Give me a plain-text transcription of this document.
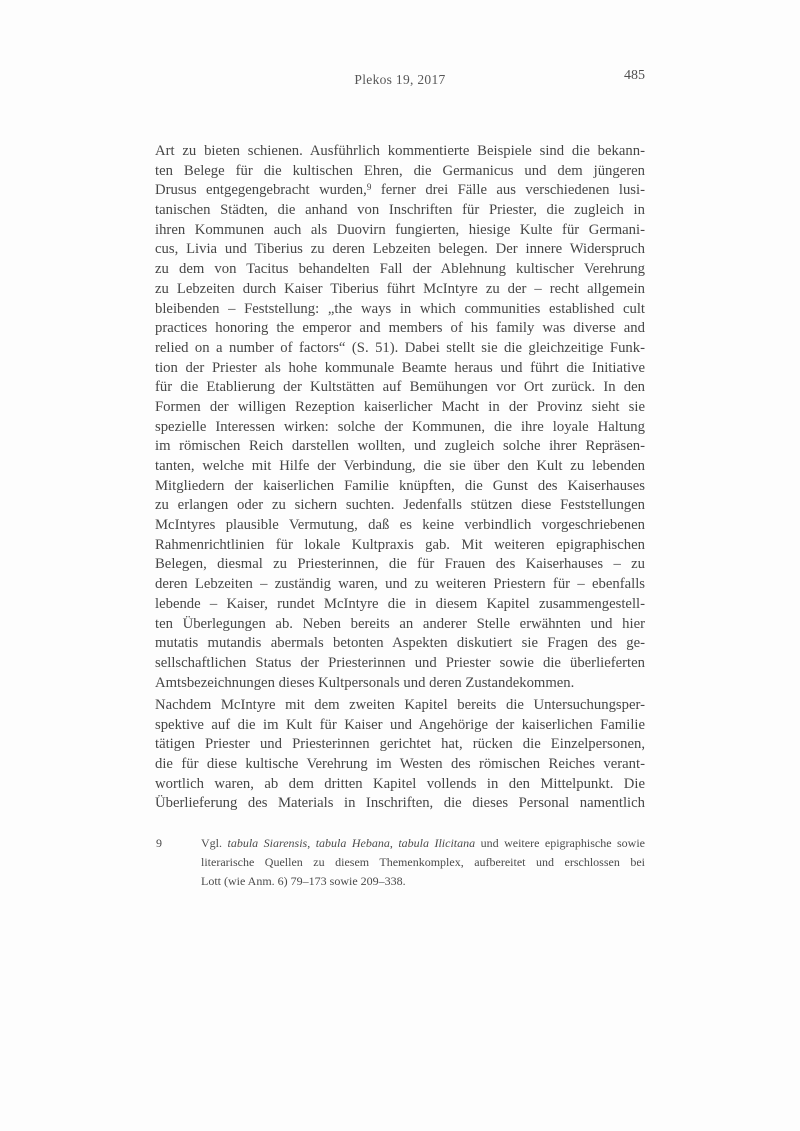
Plekos 19, 2017	485
Art zu bieten schienen. Ausführlich kommentierte Beispiele sind die bekann-
ten Belege für die kultischen Ehren, die Germanicus und dem jüngeren
Drusus entgegengebracht wurden,$^9$ ferner drei Fälle aus verschiedenen lusi-
tanischen Städten, die anhand von Inschriften für Priester, die zugleich in
ihren Kommunen auch als Duovirn fungierten, hiesige Kulte für Germani-
cus, Livia und Tiberius zu deren Lebzeiten belegen. Der innere Widerspruch
zu dem von Tacitus behandelten Fall der Ablehnung kultischer Verehrung
zu Lebzeiten durch Kaiser Tiberius führt McIntyre zu der – recht allgemein
bleibenden – Feststellung: „the ways in which communities established cult
practices honoring the emperor and members of his family was diverse and
relied on a number of factors“ (S. 51). Dabei stellt sie die gleichzeitige Funk-
tion der Priester als hohe kommunale Beamte heraus und führt die Initiative
für die Etablierung der Kultstätten auf Bemühungen vor Ort zurück. In den
Formen der willigen Rezeption kaiserlicher Macht in der Provinz sieht sie
spezielle Interessen wirken: solche der Kommunen, die ihre loyale Haltung
im römischen Reich darstellen wollten, und zugleich solche ihrer Repräsen-
tanten, welche mit Hilfe der Verbindung, die sie über den Kult zu lebenden
Mitgliedern der kaiserlichen Familie knüpften, die Gunst des Kaiserhauses
zu erlangen oder zu sichern suchten. Jedenfalls stützen diese Feststellungen
McIntyres plausible Vermutung, daß es keine verbindlich vorgeschriebenen
Rahmenrichtlinien für lokale Kultpraxis gab. Mit weiteren epigraphischen
Belegen, diesmal zu Priesterinnen, die für Frauen des Kaiserhauses – zu
deren Lebzeiten – zuständig waren, und zu weiteren Priestern für – ebenfalls
lebende – Kaiser, rundet McIntyre die in diesem Kapitel zusammengestell-
ten Überlegungen ab. Neben bereits an anderer Stelle erwähnten und hier
mutatis mutandis abermals betonten Aspekten diskutiert sie Fragen des ge-
sellschaftlichen Status der Priesterinnen und Priester sowie die überlieferten
Amtsbezeichnungen dieses Kultpersonals und deren Zustandekommen.
Nachdem McIntyre mit dem zweiten Kapitel bereits die Untersuchungsper-
spektive auf die im Kult für Kaiser und Angehörige der kaiserlichen Familie
tätigen Priester und Priesterinnen gerichtet hat, rücken die Einzelpersonen,
die für diese kultische Verehrung im Westen des römischen Reiches verant-
wortlich waren, ab dem dritten Kapitel vollends in den Mittelpunkt. Die
Überlieferung des Materials in Inschriften, die dieses Personal namentlich
9	Vgl. tabula Siarensis, tabula Hebana, tabula Ilicitana und weitere epigraphische sowie
literarische Quellen zu diesem Themenkomplex, aufbereitet und erschlossen bei
Lott (wie Anm. 6) 79–173 sowie 209–338.
